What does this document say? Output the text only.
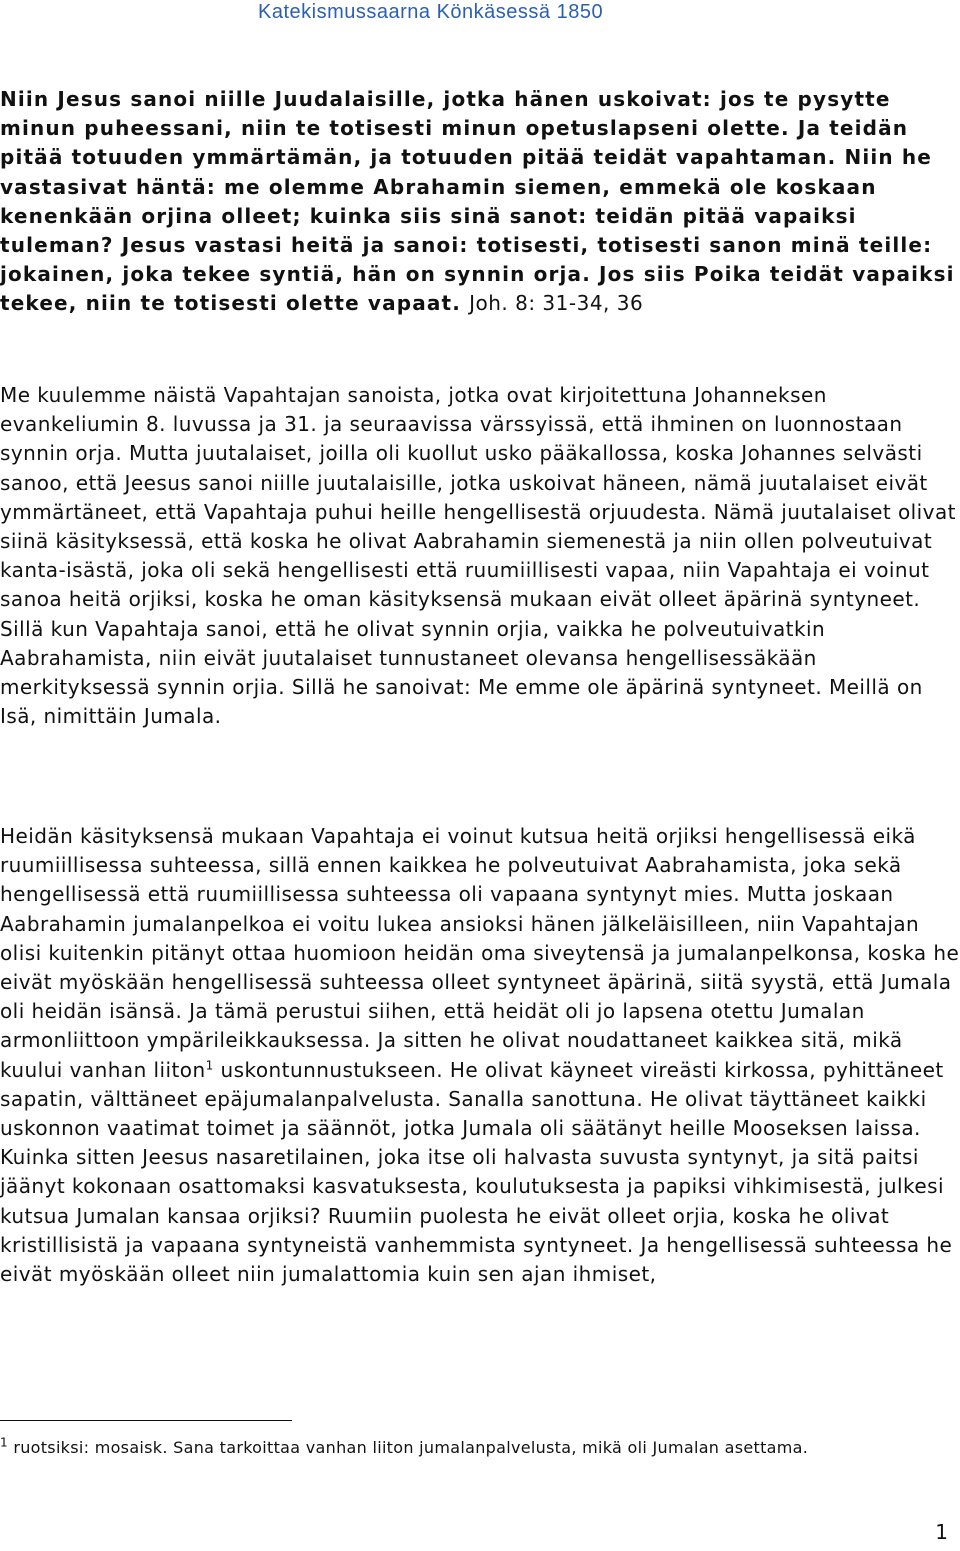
Katekismussaarna Könkäsessä 1850

Niin Jesus sanoi niille Juudalaisille, jotka hänen uskoivat: jos te pysytte minun puheessani, niin te totisesti minun opetuslapseni olette. Ja teidän pitää totuuden ymmärtämän, ja totuuden pitää teidät vapahtaman. Niin he vastasivat häntä: me olemme Abrahamin siemen, emmekä ole koskaan kenenkään orjina olleet; kuinka siis sinä sanot: teidän pitää vapaiksi tuleman? Jesus vastasi heitä ja sanoi: totisesti, totisesti sanon minä teille: jokainen, joka tekee syntiä, hän on synnin orja. Jos siis Poika teidät vapaiksi tekee, niin te totisesti olette vapaat. Joh. 8: 31-34, 36

Me kuulemme näistä Vapahtajan sanoista, jotka ovat kirjoitettuna Johanneksen evankeliumin 8. luvussa ja 31. ja seuraavissa värssyissä, että ihminen on luonnostaan synnin orja. Mutta juutalaiset, joilla oli kuollut usko pääkallossa, koska Johannes selvästi sanoo, että Jeesus sanoi niille juutalaisille, jotka uskoivat häneen, nämä juutalaiset eivät ymmärtäneet, että Vapahtaja puhui heille hengellisestä orjuudesta. Nämä juutalaiset olivat siinä käsityksessä, että koska he olivat Aabrahamin siemenestä ja niin ollen polveutuivat kanta-isästä, joka oli sekä hengellisesti että ruumiillisesti vapaa, niin Vapahtaja ei voinut sanoa heitä orjiksi, koska he oman käsityksensä mukaan eivät olleet äpärinä syntyneet. Sillä kun Vapahtaja sanoi, että he olivat synnin orjia, vaikka he polveutuivatkin Aabrahamista, niin eivät juutalaiset tunnustaneet olevansa hengellisessäkään merkityksessä synnin orjia. Sillä he sanoivat: Me emme ole äpärinä syntyneet. Meillä on Isä, nimittäin Jumala.

Heidän käsityksensä mukaan Vapahtaja ei voinut kutsua heitä orjiksi hengellisessä eikä ruumiillisessa suhteessa, sillä ennen kaikkea he polveutuivat Aabrahamista, joka sekä hengellisessä että ruumiillisessa suhteessa oli vapaana syntynyt mies. Mutta joskaan Aabrahamin jumalanpelkoa ei voitu lukea ansioksi hänen jälkeläisilleen, niin Vapahtajan olisi kuitenkin pitänyt ottaa huomioon heidän oma siveytensä ja jumalanpelkonsa, koska he eivät myöskään hengellisessä suhteessa olleet syntyneet äpärinä, siitä syystä, että Jumala oli heidän isänsä. Ja tämä perustui siihen, että heidät oli jo lapsena otettu Jumalan armonliittoon ympärileikkauksessa. Ja sitten he olivat noudattaneet kaikkea sitä, mikä kuului vanhan liiton$^1$ uskontunnustukseen. He olivat käyneet vireästi kirkossa, pyhittäneet sapatin, välttäneet epäjumalanpalvelusta. Sanalla sanottuna. He olivat täyttäneet kaikki uskonnon vaatimat toimet ja säännöt, jotka Jumala oli säätänyt heille Mooseksen laissa. Kuinka sitten Jeesus nasaretilainen, joka itse oli halvasta suvusta syntynyt, ja sitä paitsi jäänyt kokonaan osattomaksi kasvatuksesta, koulutuksesta ja papiksi vihkimisestä, julkesi kutsua Jumalan kansaa orjiksi? Ruumiin puolesta he eivät olleet orjia, koska he olivat kristillisistä ja vapaana syntyneistä vanhemmista syntyneet. Ja hengellisessä suhteessa he eivät myöskään olleet niin jumalattomia kuin sen ajan ihmiset,

$^1$ ruotsiksi: mosaisk. Sana tarkoittaa vanhan liiton jumalanpalvelusta, mikä oli Jumalan asettama.

1
